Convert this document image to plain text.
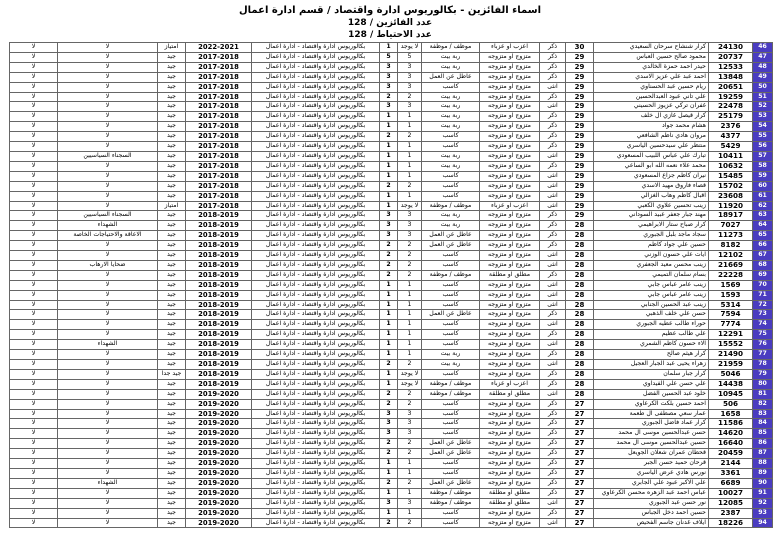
اسماء الفائزين - بكالوريوس ادارة واقتصاد / قسم ادارة اعمال
عدد الفائزين / 128
عدد الاحتياط / 128
46	24130	كرار شنشاح سرحان السعيدي	30	ذكر	اعزب او عزباء	موظف / موظفة	لا يوجد	1	بكالوريوس ادارة واقتصاد - ادارة اعمال	2022-2021	امتياز	لا	لا
47	20737	محمود صالح حسين العباس	29	ذكر	متزوج او متزوجه	ربة بيت	5	5	بكالوريوس ادارة واقتصاد - ادارة اعمال	2017-2018	جيد	لا	لا
48	12533	حيدر احمد حمزة الخالدي	29	ذكر	متزوج او متزوجه	ربة بيت	3	3	بكالوريوس ادارة واقتصاد - ادارة اعمال	2017-2018	جيد	لا	لا
49	13848	احمد عبد علي عزيز الاسدي	29	ذكر	متزوج او متزوجه	عاطل عن العمل	3	3	بكالوريوس ادارة واقتصاد - ادارة اعمال	2017-2018	جيد	لا	لا
50	20651	ريام حسين عبد الحسناوي	29	انثى	متزوج او متزوجه	كاسب	3	3	بكالوريوس ادارة واقتصاد - ادارة اعمال	2017-2018	جيد	لا	لا
51	19259	علي تاني عبود العبدالحسين	29	ذكر	متزوج او متزوجه	ربة بيت	2	2	بكالوريوس ادارة واقتصاد - ادارة اعمال	2017-2018	جيد	لا	لا
52	22478	غفران تركي عزيوز الحسيني	29	انثى	متزوج او متزوجه	ربة بيت	3	3	بكالوريوس ادارة واقتصاد - ادارة اعمال	2017-2018	جيد	لا	لا
53	25179	كرار قيصل غازي ال خلف	29	ذكر	متزوج او متزوجه	ربة بيت	1	1	بكالوريوس ادارة واقتصاد - ادارة اعمال	2017-2018	جيد	لا	لا
54	2376	هشام محمد جواد	29	ذكر	متزوج او متزوجه	ربة بيت	1	1	بكالوريوس ادارة واقتصاد - ادارة اعمال	2017-2018	جيد	لا	لا
55	4377	مروان هادي ناظم الشافعي	29	ذكر	متزوج او متزوجه	كاسب	2	2	بكالوريوس ادارة واقتصاد - ادارة اعمال	2017-2018	جيد	لا	لا
56	5429	منتظر علي سيدحسين الياسري	29	ذكر	متزوج او متزوجه	كاسب	1	1	بكالوريوس ادارة واقتصاد - ادارة اعمال	2017-2018	جيد	لا	لا
57	10411	تبارك علي عباس اللبيب المسعودي	29	انثى	متزوج او متزوجه	ربة بيت	1	1	بكالوريوس ادارة واقتصاد - ادارة اعمال	2017-2018	جيد	السجناء السياسيين	لا
58	10632	محمد علاء نعمه الله ابو الساعي	29	ذكر	متزوج او متزوجه	ربة بيت	1	1	بكالوريوس ادارة واقتصاد - ادارة اعمال	2017-2018	جيد	لا	لا
59	15485	نيران كاظم جزاع المسعودي	29	انثى	متزوج او متزوجه	كاسب	1	1	بكالوريوس ادارة واقتصاد - ادارة اعمال	2017-2018	جيد	لا	لا
60	15702	قصاء فاروق مهيد الاسدي	29	انثى	متزوج او متزوجه	كاسب	2	2	بكالوريوس ادارة واقتصاد - ادارة اعمال	2017-2018	جيد	لا	لا
61	23608	اقبال كاظم وهاب الغزالي	29	انثى	متزوج او متزوجه	كاسب	1	1	بكالوريوس ادارة واقتصاد - ادارة اعمال	2017-2018	جيد	لا	لا
62	11920	زينب تحسين علاوي الكعبي	29	انثى	اعزب او عزباء	موظف / موظفة	لا يوجد	1	بكالوريوس ادارة واقتصاد - ادارة اعمال	2017-2018	امتياز	لا	لا
63	18917	مهند جبار جعفر عبيد السوداني	29	ذكر	متزوج او متزوجه	ربة بيت	3	3	بكالوريوس ادارة واقتصاد - ادارة اعمال	2018-2019	جيد	السجناء السياسيين	لا
64	7027	كرار صباح ستار الابراهيمي	28	ذكر	متزوج او متزوجه	ربة بيت	3	3	بكالوريوس ادارة واقتصاد - ادارة اعمال	2018-2019	جيد	الشهداء	لا
65	11273	سجاد ماجد بلبل الجبوري	28	ذكر	متزوج او متزوجه	عاطل عن العمل	3	3	بكالوريوس ادارة واقتصاد - ادارة اعمال	2018-2019	جيد	الاعاقة والاحتياجات الخاصة	لا
66	8182	حسين علي جواد كاظم	28	ذكر	متزوج او متزوجه	عاطل عن العمل	2	2	بكالوريوس ادارة واقتصاد - ادارة اعمال	2018-2019	جيد	لا	لا
67	12102	ايات علي حسون الوزني	28	انثى	متزوج او متزوجه	كاسب	2	2	بكالوريوس ادارة واقتصاد - ادارة اعمال	2018-2019	جيد	لا	لا
68	21669	زينب محسن معيد الجعفري	28	انثى	متزوج او متزوجه	كاسب	2	2	بكالوريوس ادارة واقتصاد - ادارة اعمال	2018-2019	جيد	ضحايا الارهاب	لا
69	22228	بسام سلمان التميمي	28	ذكر	مطلق او مطلقة	موظف / موظفة	2	2	بكالوريوس ادارة واقتصاد - ادارة اعمال	2018-2019	جيد	لا	لا
70	1569	زينب عامر عباس جابي	28	انثى	متزوج او متزوجه	كاسب	1	1	بكالوريوس ادارة واقتصاد - ادارة اعمال	2018-2019	جيد	لا	لا
71	1593	زينب عامر عباس جابي	28	انثى	متزوج او متزوجه	كاسب	1	1	بكالوريوس ادارة واقتصاد - ادارة اعمال	2018-2019	جيد	لا	لا
72	5314	زينب عبد الحسين الجنابي	28	انثى	متزوج او متزوجه	كاسب	1	1	بكالوريوس ادارة واقتصاد - ادارة اعمال	2018-2019	جيد	لا	لا
73	7594	حسن علي خلف الذهبي	28	ذكر	متزوج او متزوجه	عاطل عن العمل	1	1	بكالوريوس ادارة واقتصاد - ادارة اعمال	2018-2019	جيد	لا	لا
74	7774	حوراء طالب عطيه الجبوري	28	انثى	متزوج او متزوجه	كاسب	1	1	بكالوريوس ادارة واقتصاد - ادارة اعمال	2018-2019	جيد	لا	لا
75	12291	علي طالب عظيم	28	ذكر	متزوج او متزوجه	كاسب	1	1	بكالوريوس ادارة واقتصاد - ادارة اعمال	2018-2019	جيد	لا	لا
76	15552	الاء حسون كاظم الشمري	28	انثى	متزوج او متزوجه	كاسب	1	1	بكالوريوس ادارة واقتصاد - ادارة اعمال	2018-2019	جيد	الشهداء	لا
77	21490	كرار هيثم صالح	28	ذكر	متزوج او متزوجه	ربة بيت	1	1	بكالوريوس ادارة واقتصاد - ادارة اعمال	2018-2019	جيد	لا	لا
78	21959	زهراء يحيى عبد الجبار العجيل	28	انثى	متزوج او متزوجه	ربة بيت	2	2	بكالوريوس ادارة واقتصاد - ادارة اعمال	2018-2019	جيد	لا	لا
79	5046	كرار جبار سلمان	28	ذكر	متزوج او متزوجه	كاسب	لا يوجد	1	بكالوريوس ادارة واقتصاد - ادارة اعمال	2018-2019	جيد جدا	لا	لا
80	14438	علي حسن علي الفيداوي	28	ذكر	اعزب او عزباء	موظف / موظفة	لا يوجد	1	بكالوريوس ادارة واقتصاد - ادارة اعمال	2018-2019	جيد	لا	لا
81	10945	خلود عبد الحسين الفضل	28	انثى	مطلق او مطلقة	موظف / موظفة	2	2	بكالوريوس ادارة واقتصاد - ادارة اعمال	2019-2020	جيد	لا	لا
82	506	احمد حسين بلكت الكرعاوي	27	ذكر	متزوج او متزوجه	كاسب	2	2	بكالوريوس ادارة واقتصاد - ادارة اعمال	2019-2020	جيد	لا	لا
83	1658	عمار سعي مصطفى ال طعمة	27	ذكر	متزوج او متزوجه	كاسب	3	3	بكالوريوس ادارة واقتصاد - ادارة اعمال	2019-2020	جيد	لا	لا
84	11586	كرار عماد فاضل الجبوري	27	ذكر	متزوج او متزوجه	كاسب	3	3	بكالوريوس ادارة واقتصاد - ادارة اعمال	2019-2020	جيد	لا	لا
85	14620	حسن عبدالحسين موسى آل محمد	27	ذكر	متزوج او متزوجه	كاسب	3	3	بكالوريوس ادارة واقتصاد - ادارة اعمال	2019-2020	جيد	لا	لا
86	16640	حسين عبدالحسين موسى آل محمد	27	ذكر	متزوج او متزوجه	عاطل عن العمل	2	2	بكالوريوس ادارة واقتصاد - ادارة اعمال	2019-2020	جيد	لا	لا
87	20459	قحطان عمران شعلان الجويعل	27	ذكر	متزوج او متزوجه	عاطل عن العمل	2	2	بكالوريوس ادارة واقتصاد - ادارة اعمال	2019-2020	جيد	لا	لا
88	2144	قرحان حميد حسن الجبر	27	ذكر	متزوج او متزوجه	كاسب	1	1	بكالوريوس ادارة واقتصاد - ادارة اعمال	2019-2020	جيد	لا	لا
89	3361	نورس هادي عرض الياسري	27	ذكر	متزوج او متزوجه	كاسب	1	1	بكالوريوس ادارة واقتصاد - ادارة اعمال	2019-2020	جيد	لا	لا
90	6689	علي الاكبر عبود علي الجابري	27	ذكر	متزوج او متزوجه	عاطل عن العمل	2	2	بكالوريوس ادارة واقتصاد - ادارة اعمال	2019-2020	جيد	الشهداء	لا
91	10027	عباس احمد عبد الزهره محسن الكرعاوي	27	ذكر	مطلق او مطلقة	موظف / موظفة	1	1	بكالوريوس ادارة واقتصاد - ادارة اعمال	2019-2020	جيد	لا	لا
92	12085	نور حسن عبد الجبوري	27	انثى	مطلق او مطلقة	موظف / موظفة	3	3	بكالوريوس ادارة واقتصاد - ادارة اعمال	2019-2020	جيد	لا	لا
93	2387	حسين احمد دخل الجباس	27	ذكر	متزوج او متزوجه	كاسب	1	1	بكالوريوس ادارة واقتصاد - ادارة اعمال	2019-2020	جيد	لا	لا
94	18226	ايلاف غدنان جاسم الفحيص	27	انثى	متزوج او متزوجه	كاسب	2	2	بكالوريوس ادارة واقتصاد - ادارة اعمال	2019-2020	جيد	لا	لا
